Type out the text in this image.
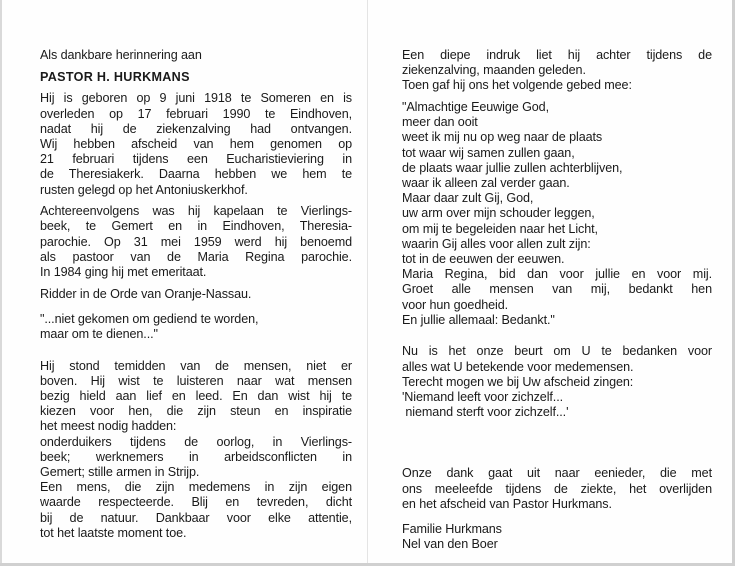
Als dankbare herinnering aan
PASTOR H. HURKMANS
Hij is geboren op 9 juni 1918 te Someren en is
overleden op 17 februari 1990 te Eindhoven,
nadat hij de ziekenzalving had ontvangen.
Wij hebben afscheid van hem genomen op
21 februari tijdens een Eucharistieviering in
de Theresiakerk. Daarna hebben we hem te
rusten gelegd op het Antoniuskerkhof.
Achtereenvolgens was hij kapelaan te Vierlings-
beek, te Gemert en in Eindhoven, Theresia-
parochie. Op 31 mei 1959 werd hij benoemd
als pastoor van de Maria Regina parochie.
In 1984 ging hij met emeritaat.
Ridder in de Orde van Oranje-Nassau.
"...niet gekomen om gediend te worden,
maar om te dienen..."
Hij stond temidden van de mensen, niet er
boven. Hij wist te luisteren naar wat mensen
bezig hield aan lief en leed. En dan wist hij te
kiezen voor hen, die zijn steun en inspiratie
het meest nodig hadden:
onderduikers tijdens de oorlog, in Vierlings-
beek; werknemers in arbeidsconflicten in
Gemert; stille armen in Strijp.
Een mens, die zijn medemens in zijn eigen
waarde respecteerde. Blij en tevreden, dicht
bij de natuur. Dankbaar voor elke attentie,
tot het laatste moment toe.
Een diepe indruk liet hij achter tijdens de
ziekenzalving, maanden geleden.
Toen gaf hij ons het volgende gebed mee:
"Almachtige Eeuwige God,
meer dan ooit
weet ik mij nu op weg naar de plaats
tot waar wij samen zullen gaan,
de plaats waar jullie zullen achterblijven,
waar ik alleen zal verder gaan.
Maar daar zult Gij, God,
uw arm over mijn schouder leggen,
om mij te begeleiden naar het Licht,
waarin Gij alles voor allen zult zijn:
tot in de eeuwen der eeuwen.
Maria Regina, bid dan voor jullie en voor mij.
Groet alle mensen van mij, bedankt hen
voor hun goedheid.
En jullie allemaal: Bedankt."
Nu is het onze beurt om U te bedanken voor
alles wat U betekende voor medemensen.
Terecht mogen we bij Uw afscheid zingen:
'Niemand leeft voor zichzelf...
niemand sterft voor zichzelf...'
Onze dank gaat uit naar eenieder, die met
ons meeleefde tijdens de ziekte, het overlijden
en het afscheid van Pastor Hurkmans.
Familie Hurkmans
Nel van den Boer
